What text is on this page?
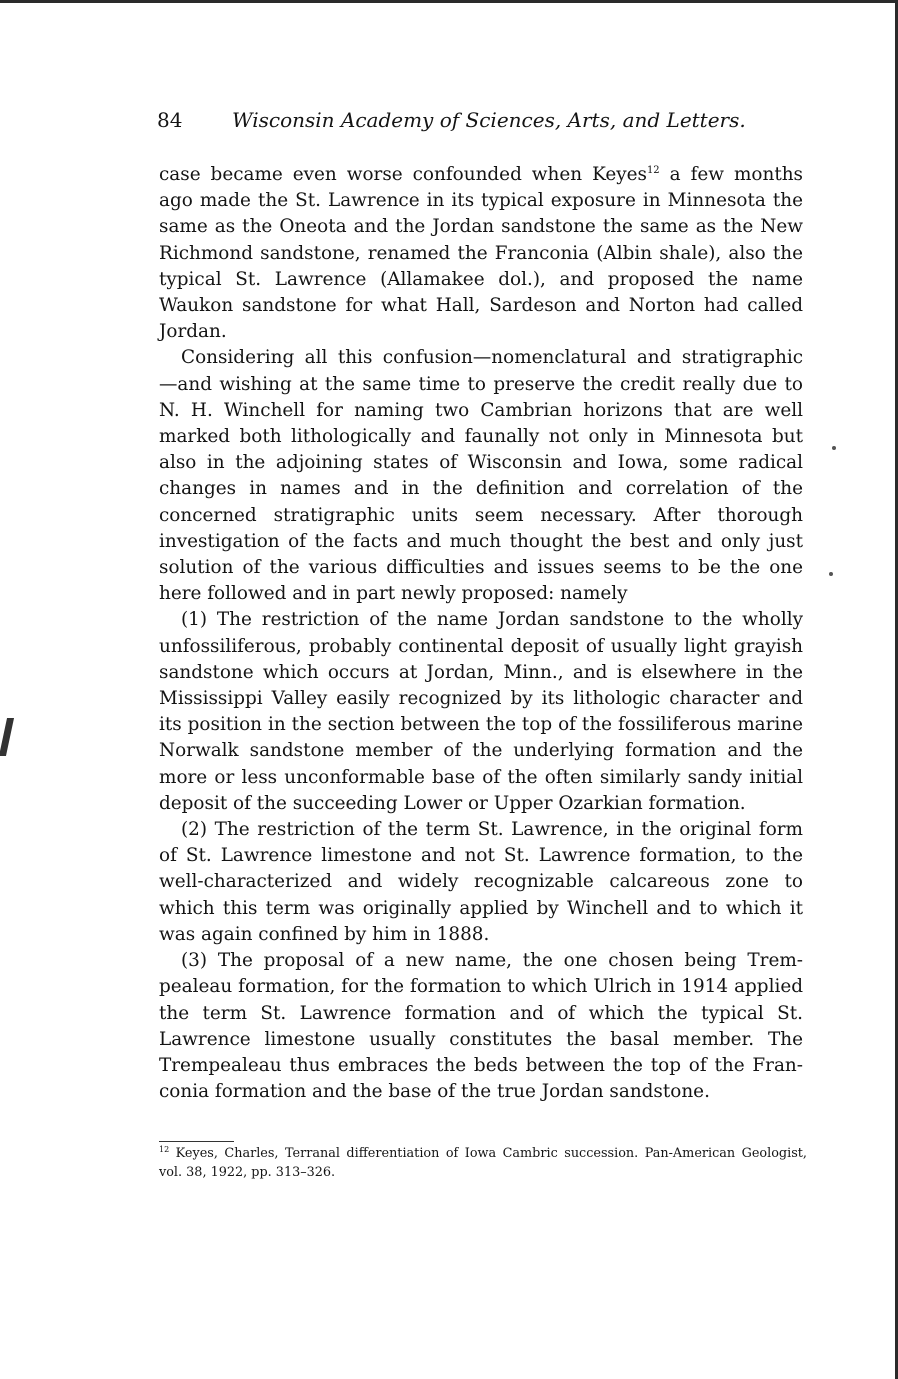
84 Wisconsin Academy of Sciences, Arts, and Letters.

case became even worse confounded when Keyes$^{12}$ a few months ago made the St. Lawrence in its typical exposure in Minnesota the same as the Oneota and the Jordan sandstone the same as the New Richmond sandstone, renamed the Franconia (Albin shale), also the typical St. Lawrence (Allamakee dol.), and proposed the name Waukon sandstone for what Hall, Sardeson and Norton had called Jordan.

Considering all this confusion—nomenclatural and stratigraphic —and wishing at the same time to preserve the credit really due to N. H. Winchell for naming two Cambrian horizons that are well marked both lithologically and faunally not only in Minnesota but also in the adjoining states of Wisconsin and Iowa, some radical changes in names and in the definition and correlation of the concerned stratigraphic units seem necessary. After thorough investigation of the facts and much thought the best and only just solution of the various difficulties and issues seems to be the one here followed and in part newly proposed: namely

(1) The restriction of the name Jordan sandstone to the wholly unfossiliferous, probably continental deposit of usually light grayish sandstone which occurs at Jordan, Minn., and is elsewhere in the Mississippi Valley easily recognized by its lithologic character and its position in the section between the top of the fossiliferous marine Norwalk sandstone member of the underlying formation and the more or less unconformable base of the often similarly sandy initial deposit of the succeeding Lower or Upper Ozarkian formation.

(2) The restriction of the term St. Lawrence, in the original form of St. Lawrence limestone and not St. Lawrence formation, to the well-characterized and widely recognizable calcareous zone to which this term was originally applied by Winchell and to which it was again confined by him in 1888.

(3) The proposal of a new name, the one chosen being Trempealeau formation, for the formation to which Ulrich in 1914 applied the term St. Lawrence formation and of which the typical St. Lawrence limestone usually constitutes the basal member. The Trempealeau thus embraces the beds between the top of the Franconia formation and the base of the true Jordan sandstone.

$^{12}$ Keyes, Charles, Terranal differentiation of Iowa Cambric succession. Pan-American Geologist, vol. 38, 1922, pp. 313–326.
